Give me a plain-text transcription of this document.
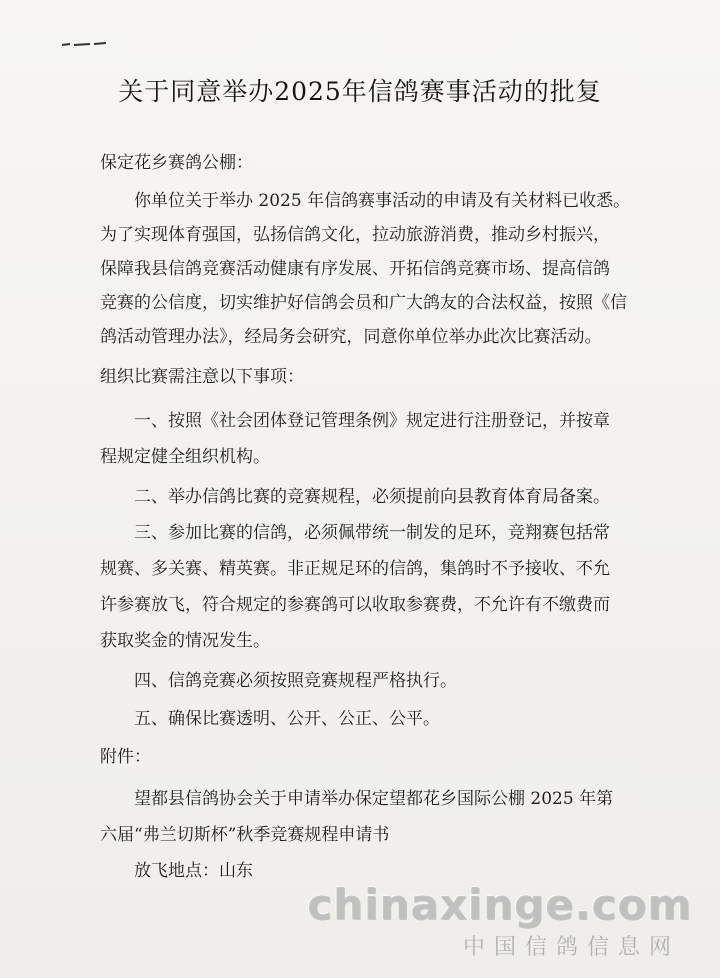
关于同意举办2025年信鸽赛事活动的批复
保定花乡赛鸽公棚：
　　你单位关于举办 2025 年信鸽赛事活动的申请及有关材料已收悉。
为了实现体育强国，弘扬信鸽文化，拉动旅游消费，推动乡村振兴，
保障我县信鸽竞赛活动健康有序发展、开拓信鸽竞赛市场、提高信鸽
竞赛的公信度，切实维护好信鸽会员和广大鸽友的合法权益，按照《信
鸽活动管理办法》，经局务会研究，同意你单位举办此次比赛活动。
组织比赛需注意以下事项：
　　一、按照《社会团体登记管理条例》规定进行注册登记，并按章
程规定健全组织机构。
　　二、举办信鸽比赛的竞赛规程，必须提前向县教育体育局备案。
　　三、参加比赛的信鸽，必须佩带统一制发的足环，竞翔赛包括常
规赛、多关赛、精英赛。非正规足环的信鸽，集鸽时不予接收、不允
许参赛放飞，符合规定的参赛鸽可以收取参赛费，不允许有不缴费而
获取奖金的情况发生。
　　四、信鸽竞赛必须按照竞赛规程严格执行。
　　五、确保比赛透明、公开、公正、公平。
附件：
　　望都县信鸽协会关于申请举办保定望都花乡国际公棚 2025 年第
六届“弗兰切斯杯”秋季竞赛规程申请书
　　放飞地点：山东
chinaxinge.com
中国信鸽信息网
